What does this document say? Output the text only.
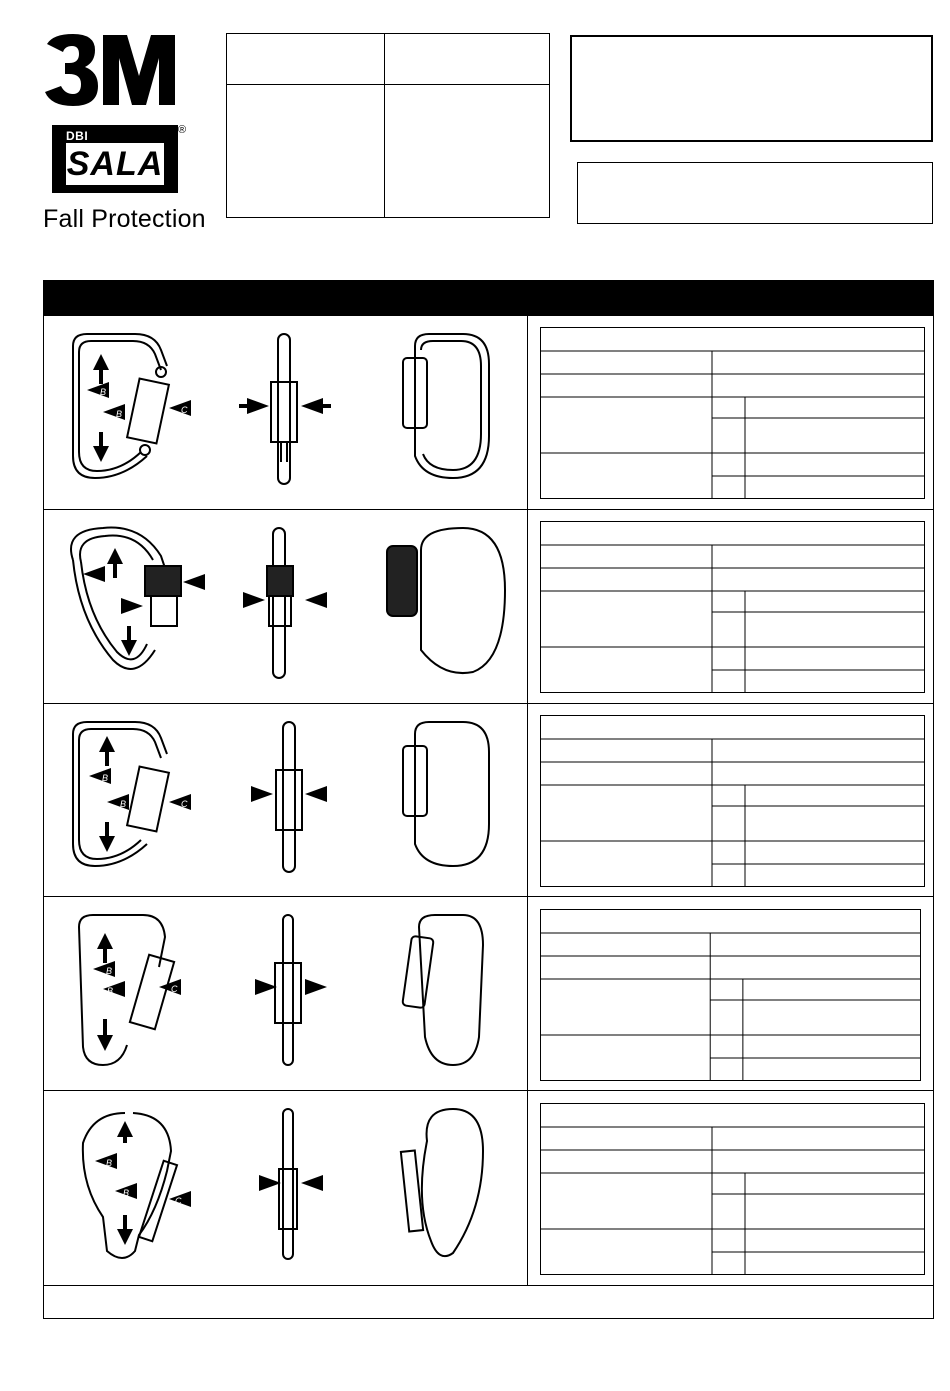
DBI
SALA
®
Fall Protection
B
B	C
B
B	C
B
B	C
B
B
C
